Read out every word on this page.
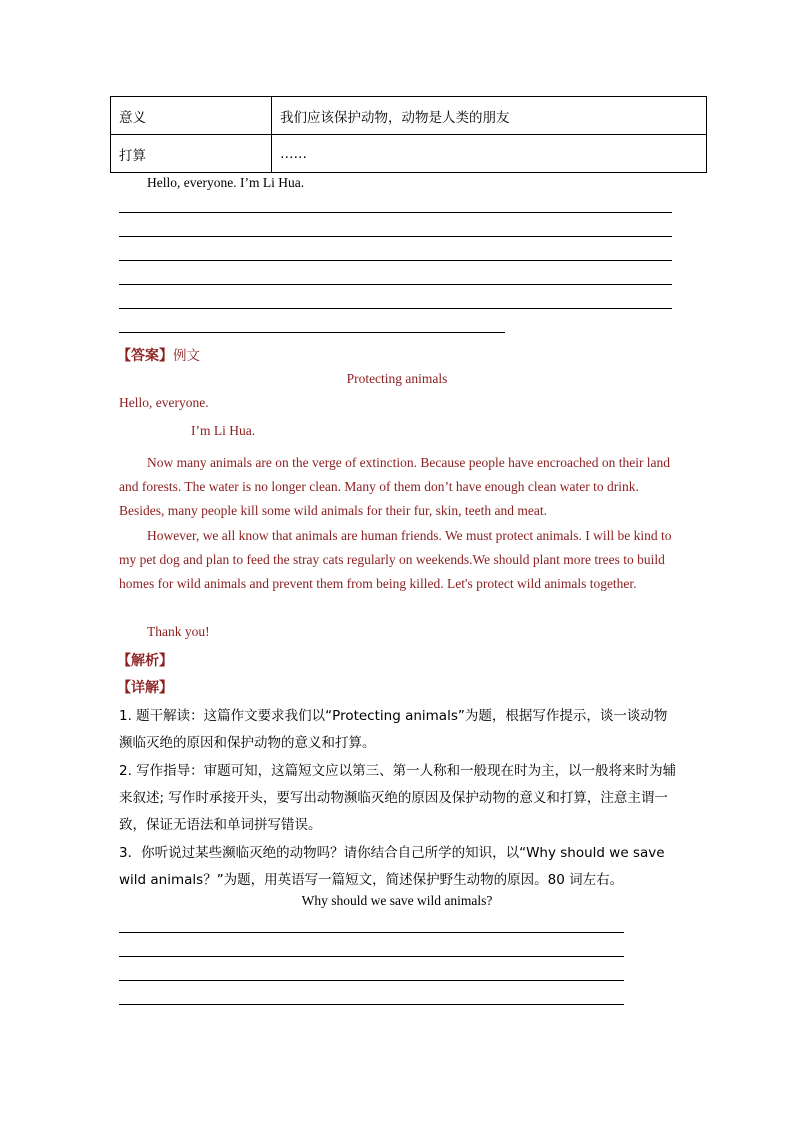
意义	我们应该保护动物，动物是人类的朋友
打算	……
Hello, everyone. I’m Li Hua.
【答案】例文
Protecting animals
Hello, everyone.
I’m Li Hua.
Now many animals are on the verge of extinction. Because people have encroached on their land and forests. The water is no longer clean. Many of them don’t have enough clean water to drink. Besides, many people kill some wild animals for their fur, skin, teeth and meat.
However, we all know that animals are human friends. We must protect animals. I will be kind to my pet dog and plan to feed the stray cats regularly on weekends.We should plant more trees to build homes for wild animals and prevent them from being killed. Let's protect wild animals together.
Thank you!
【解析】
【详解】
1. 题干解读：这篇作文要求我们以“Protecting animals”为题，根据写作提示，谈一谈动物濒临灭绝的原因和保护动物的意义和打算。
2. 写作指导：审题可知，这篇短文应以第三、第一人称和一般现在时为主，以一般将来时为辅来叙述; 写作时承接开头，要写出动物濒临灭绝的原因及保护动物的意义和打算，注意主谓一致，保证无语法和单词拼写错误。
3．你听说过某些濒临灭绝的动物吗？请你结合自己所学的知识，以“Why should we save wild animals？”为题，用英语写一篇短文，简述保护野生动物的原因。80 词左右。
Why should we save wild animals?
